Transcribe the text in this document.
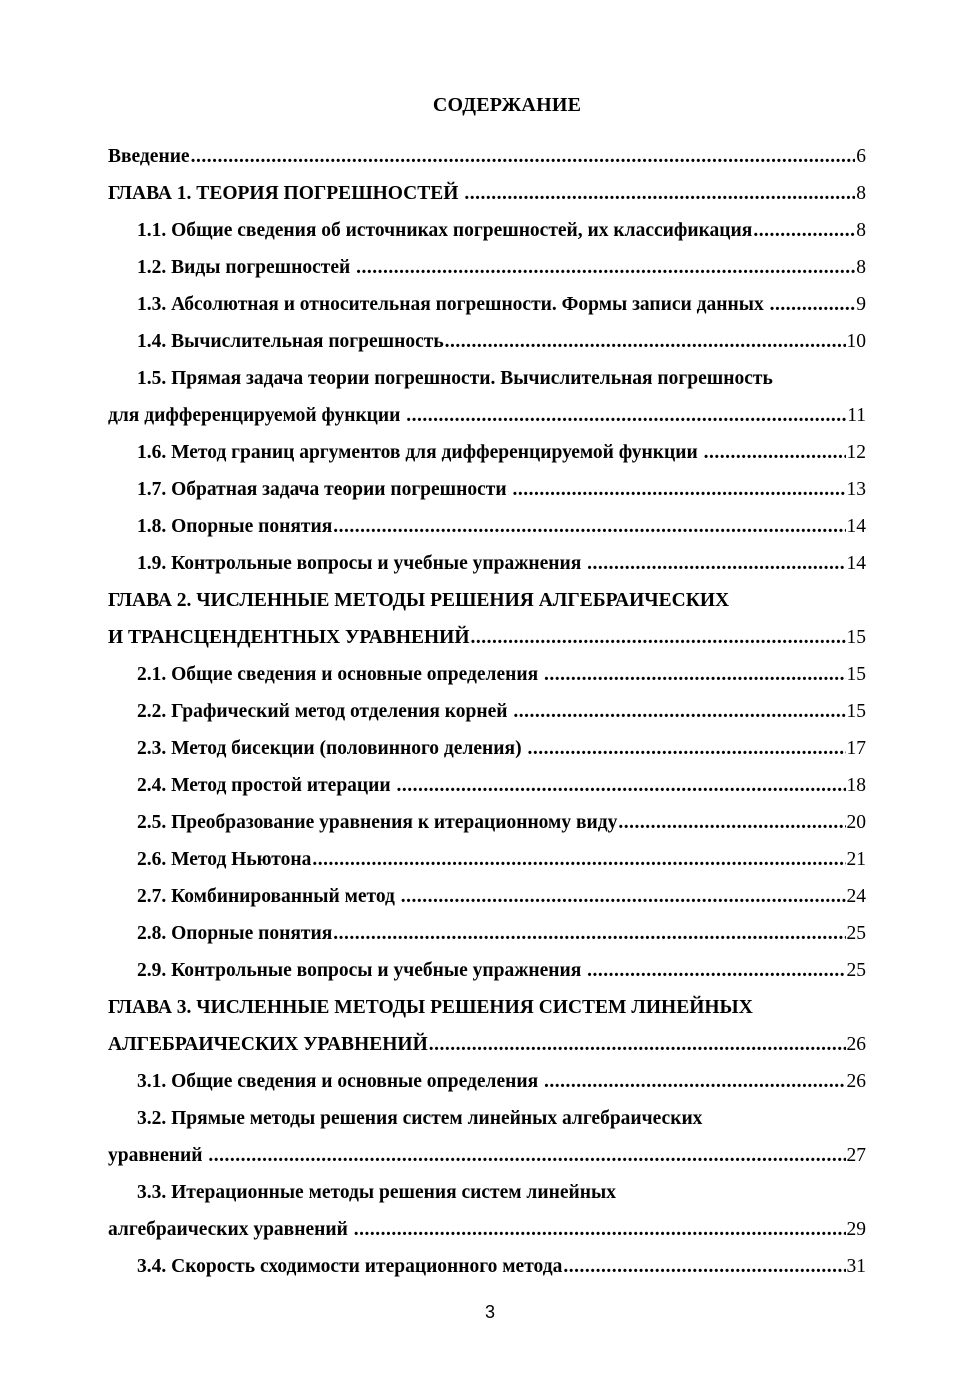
СОДЕРЖАНИЕ
Введение .....	6
ГЛАВА 1. ТЕОРИЯ ПОГРЕШНОСТЕЙ .....	8
1.1. Общие сведения об источниках погрешностей, их классификация .....	8
1.2. Виды погрешностей .....	8
1.3. Абсолютная и относительная погрешности. Формы записи данных .....	9
1.4. Вычислительная погрешность .....	10
1.5. Прямая задача теории погрешности. Вычислительная погрешность
для дифференцируемой функции .....	11
1.6. Метод границ аргументов для дифференцируемой функции .....	12
1.7. Обратная задача теории погрешности .....	13
1.8. Опорные понятия .....	14
1.9. Контрольные вопросы и учебные упражнения .....	14
ГЛАВА 2. ЧИСЛЕННЫЕ МЕТОДЫ РЕШЕНИЯ АЛГЕБРАИЧЕСКИХ
И ТРАНСЦЕНДЕНТНЫХ УРАВНЕНИЙ .....	15
2.1. Общие сведения и основные определения .....	15
2.2. Графический метод отделения корней .....	15
2.3. Метод бисекции (половинного деления) .....	17
2.4. Метод простой итерации .....	18
2.5. Преобразование уравнения к итерационному виду .....	20
2.6. Метод Ньютона .....	21
2.7. Комбинированный метод .....	24
2.8. Опорные понятия .....	25
2.9. Контрольные вопросы и учебные упражнения .....	25
ГЛАВА 3. ЧИСЛЕННЫЕ МЕТОДЫ РЕШЕНИЯ СИСТЕМ ЛИНЕЙНЫХ
АЛГЕБРАИЧЕСКИХ УРАВНЕНИЙ .....	26
3.1. Общие сведения и основные определения .....	26
3.2. Прямые методы решения систем линейных алгебраических
уравнений .....	27
3.3. Итерационные методы решения систем линейных
алгебраических уравнений .....	29
3.4. Скорость сходимости итерационного метода .....	31
3
